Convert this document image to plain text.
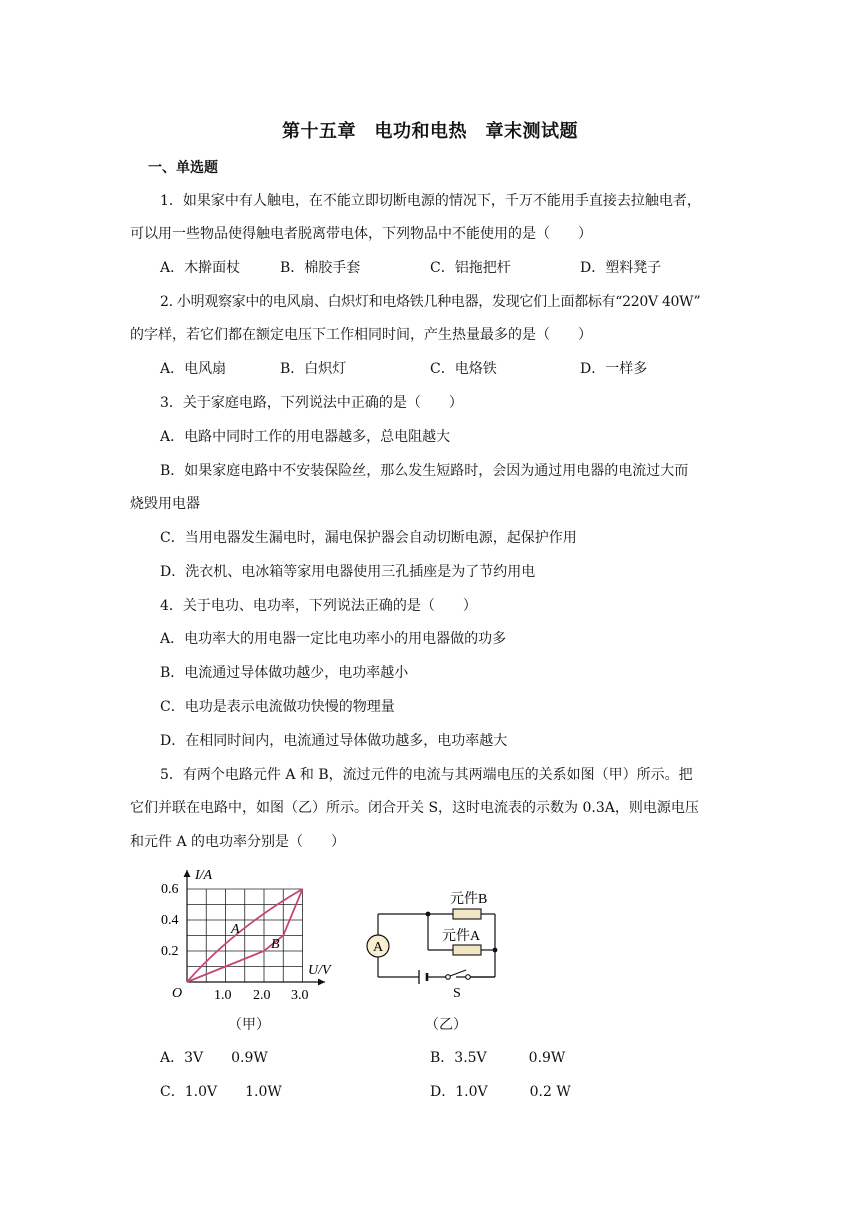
第十五章　电功和电热　章末测试题
一、单选题
1．如果家中有人触电，在不能立即切断电源的情况下，千万不能用手直接去拉触电者，
可以用一些物品使得触电者脱离带电体，下列物品中不能使用的是（　　）
A．木擀面杖	B．棉胶手套	C．铝拖把杆	D．塑料凳子
2. 小明观察家中的电风扇、白炽灯和电烙铁几种电器，发现它们上面都标有“220V 40W”
的字样，若它们都在额定电压下工作相同时间，产生热量最多的是（　　）
A．电风扇	B．白炽灯	C．电烙铁	D．一样多
3．关于家庭电路，下列说法中正确的是（　　）
A．电路中同时工作的用电器越多，总电阻越大
B．如果家庭电路中不安装保险丝，那么发生短路时，会因为通过用电器的电流过大而
烧毁用电器
C．当用电器发生漏电时，漏电保护器会自动切断电源，起保护作用
D．洗衣机、电冰箱等家用电器使用三孔插座是为了节约用电
4．关于电功、电功率，下列说法正确的是（　　）
A．电功率大的用电器一定比电功率小的用电器做的功多
B．电流通过导体做功越少，电功率越小
C．电功是表示电流做功快慢的物理量
D．在相同时间内，电流通过导体做功越多，电功率越大
5．有两个电路元件 A 和 B，流过元件的电流与其两端电压的关系如图（甲）所示。把
它们并联在电路中，如图（乙）所示。闭合开关 S，这时电流表的示数为 0.3A，则电源电压
和元件 A 的电功率分别是（　　）
I/A
U/V
O
0.6
0.4
0.2
1.0 2.0 3.0
A
B
（甲）
A
元件B
元件A
S
（乙）
A．3V　　0.9W	B．3.5V　　　0.9W
C．1.0V　　1.0W	D．1.0V　　　0.2 W
